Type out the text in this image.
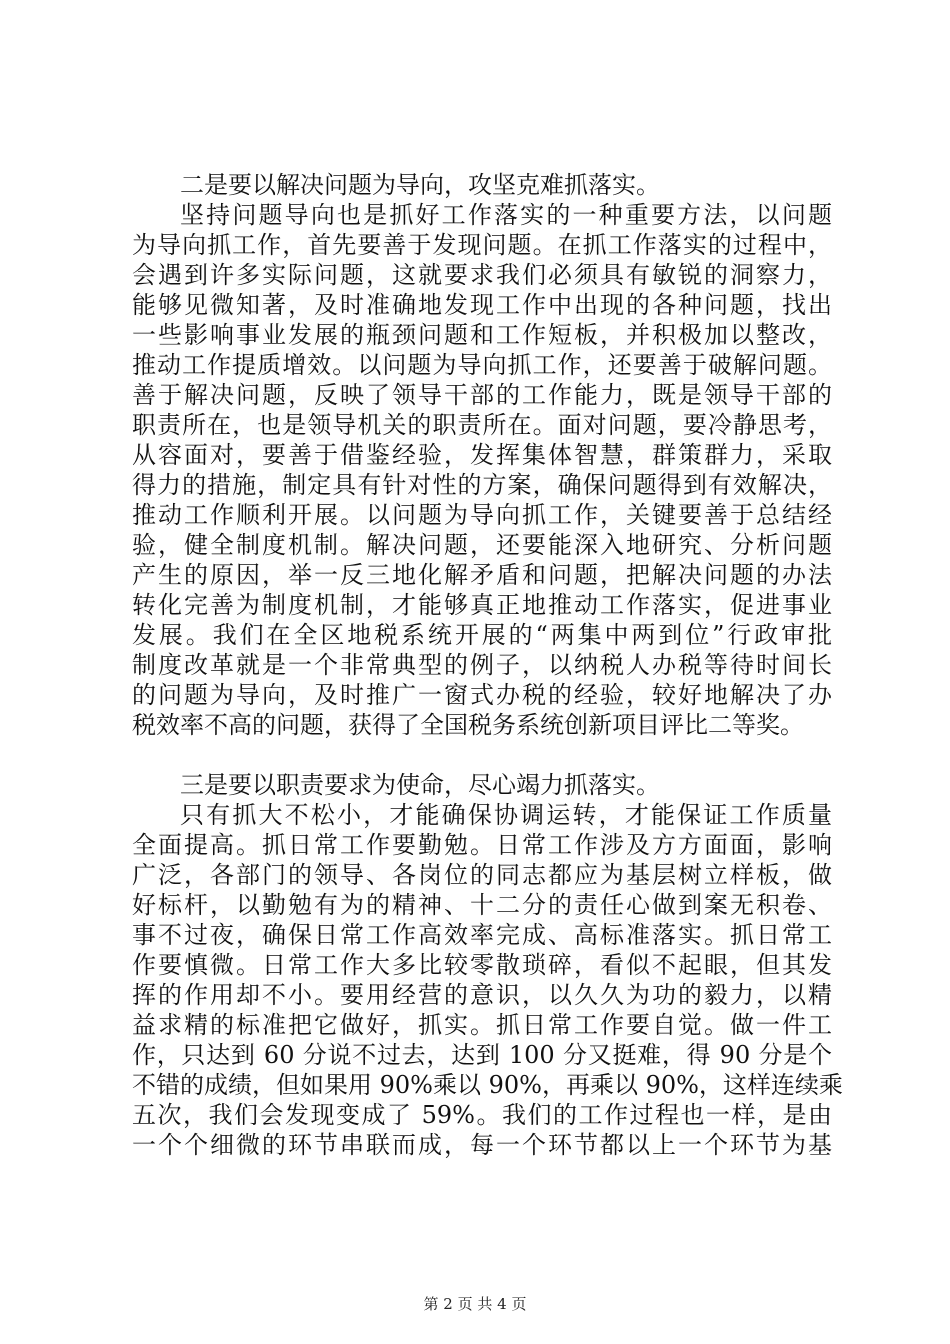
二是要以解决问题为导向，攻坚克难抓落实。
坚持问题导向也是抓好工作落实的一种重要方法，以问题
为导向抓工作，首先要善于发现问题。在抓工作落实的过程中，
会遇到许多实际问题，这就要求我们必须具有敏锐的洞察力，
能够见微知著，及时准确地发现工作中出现的各种问题，找出
一些影响事业发展的瓶颈问题和工作短板，并积极加以整改，
推动工作提质增效。以问题为导向抓工作，还要善于破解问题。
善于解决问题，反映了领导干部的工作能力，既是领导干部的
职责所在，也是领导机关的职责所在。面对问题，要冷静思考，
从容面对，要善于借鉴经验，发挥集体智慧，群策群力，采取
得力的措施，制定具有针对性的方案，确保问题得到有效解决，
推动工作顺利开展。以问题为导向抓工作，关键要善于总结经
验，健全制度机制。解决问题，还要能深入地研究、分析问题
产生的原因，举一反三地化解矛盾和问题，把解决问题的办法
转化完善为制度机制，才能够真正地推动工作落实，促进事业
发展。我们在全区地税系统开展的“两集中两到位”行政审批
制度改革就是一个非常典型的例子，以纳税人办税等待时间长
的问题为导向，及时推广一窗式办税的经验，较好地解决了办
税效率不高的问题，获得了全国税务系统创新项目评比二等奖。
三是要以职责要求为使命，尽心竭力抓落实。
只有抓大不松小，才能确保协调运转，才能保证工作质量
全面提高。抓日常工作要勤勉。日常工作涉及方方面面，影响
广泛，各部门的领导、各岗位的同志都应为基层树立样板，做
好标杆，以勤勉有为的精神、十二分的责任心做到案无积卷、
事不过夜，确保日常工作高效率完成、高标准落实。抓日常工
作要慎微。日常工作大多比较零散琐碎，看似不起眼，但其发
挥的作用却不小。要用经营的意识，以久久为功的毅力，以精
益求精的标准把它做好，抓实。抓日常工作要自觉。做一件工
作，只达到 60 分说不过去，达到 100 分又挺难，得 90 分是个
不错的成绩，但如果用 90%乘以 90%，再乘以 90%，这样连续乘
五次，我们会发现变成了 59%。我们的工作过程也一样，是由
一个个细微的环节串联而成，每一个环节都以上一个环节为基
第 2 页 共 4 页
